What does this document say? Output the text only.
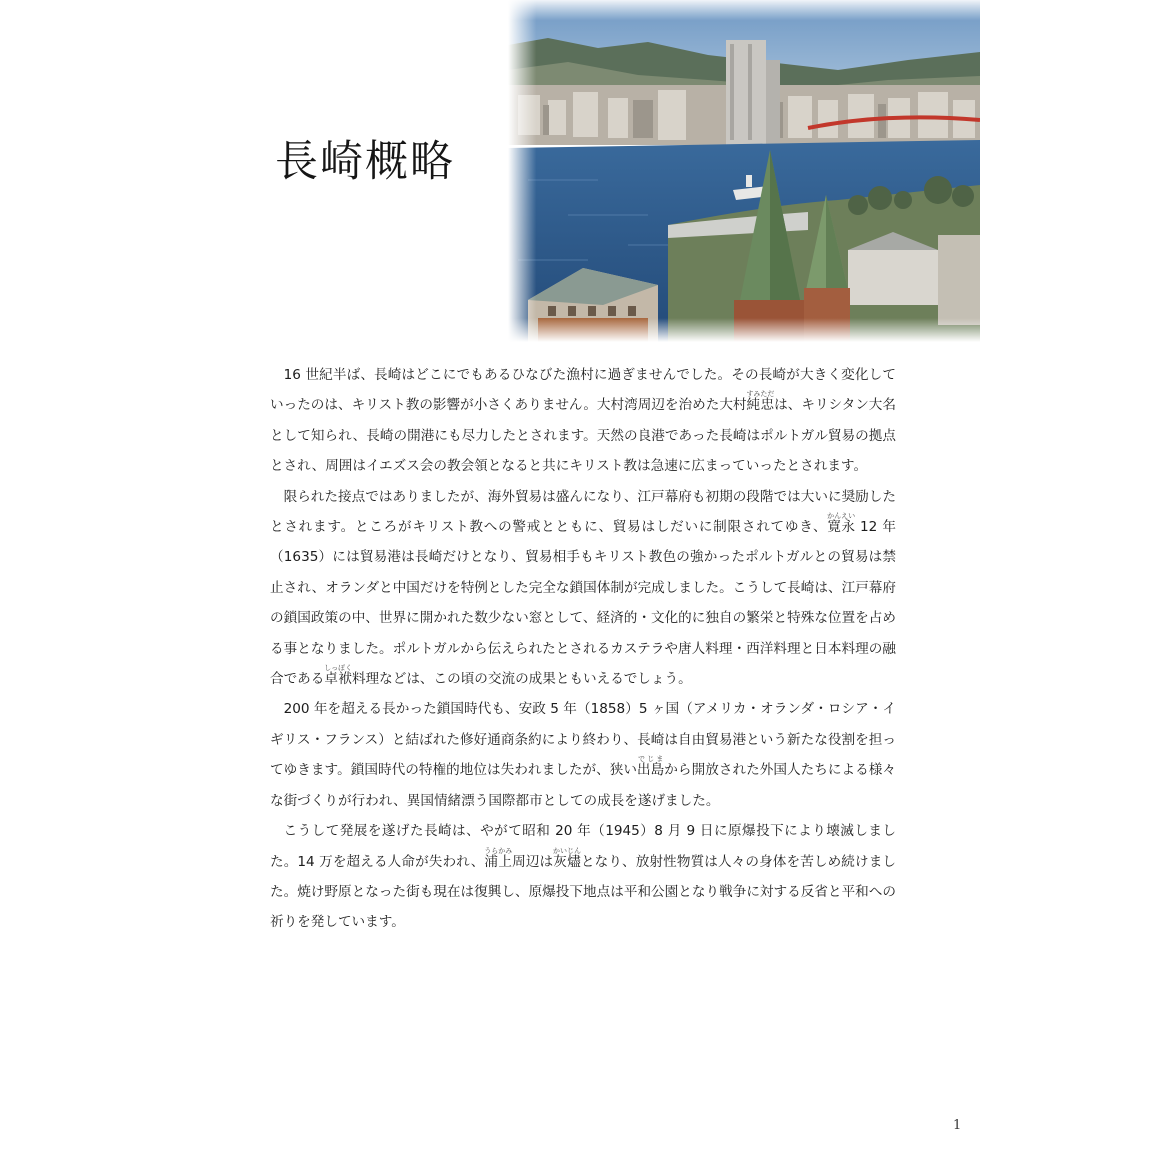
長崎概略

16 世紀半ば、長崎はどこにでもあるひなびた漁村に過ぎませんでした。その長崎が大きく変化していったのは、キリスト教の影響が小さくありません。大村湾周辺を治めた大村純忠すみただは、キリシタン大名として知られ、長崎の開港にも尽力したとされます。天然の良港であった長崎はポルトガル貿易の拠点とされ、周囲はイエズス会の教会領となると共にキリスト教は急速に広まっていったとされます。

限られた接点ではありましたが、海外貿易は盛んになり、江戸幕府も初期の段階では大いに奨励したとされます。ところがキリスト教への警戒とともに、貿易はしだいに制限されてゆき、寛永かんえい 12 年（1635）には貿易港は長崎だけとなり、貿易相手もキリスト教色の強かったポルトガルとの貿易は禁止され、オランダと中国だけを特例とした完全な鎖国体制が完成しました。こうして長崎は、江戸幕府の鎖国政策の中、世界に開かれた数少ない窓として、経済的・文化的に独自の繁栄と特殊な位置を占める事となりました。ポルトガルから伝えられたとされるカステラや唐人料理・西洋料理と日本料理の融合である卓袱しっぽく料理などは、この頃の交流の成果ともいえるでしょう。

200 年を超える長かった鎖国時代も、安政 5 年（1858）5 ヶ国（アメリカ・オランダ・ロシア・イギリス・フランス）と結ばれた修好通商条約により終わり、長崎は自由貿易港という新たな役割を担ってゆきます。鎖国時代の特権的地位は失われましたが、狭い出島でじまから開放された外国人たちによる様々な街づくりが行われ、異国情緒漂う国際都市としての成長を遂げました。

こうして発展を遂げた長崎は、やがて昭和 20 年（1945）8 月 9 日に原爆投下により壊滅しました。14 万を超える人命が失われ、浦上うらかみ周辺は灰燼かいじんとなり、放射性物質は人々の身体を苦しめ続けました。焼け野原となった街も現在は復興し、原爆投下地点は平和公園となり戦争に対する反省と平和への祈りを発しています。

1
